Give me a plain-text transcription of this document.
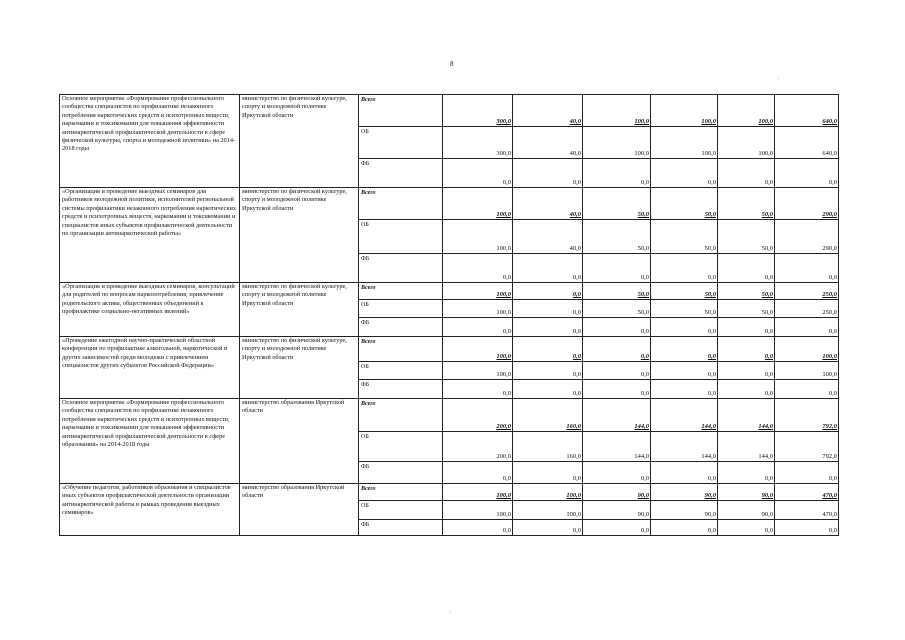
8
Основное мероприятие «Формирование профессионального сообщества специалистов по профилактике незаконного потребления наркотических средств и психотропных веществ, наркомании и токсикомании для повышения эффективности антинаркотической профилактической деятельности в сфере физической культуры, спорта и молодежной политики» на 2014-2018 годы	министерство по физической культуре, спорту и молодежной политике Иркутской области	Всего	300,0	40,0	100,0	100,0	100,0	640,0
		ОБ	300,0	40,0	100,0	100,0	100,0	640,0
		ФБ	0,0	0,0	0,0	0,0	0,0	0,0
«Организация и проведение выездных семинаров для работников молодежной политики, исполнителей региональной системы профилактики незаконного потребления наркотических средств и психотропных веществ, наркомании и токсикомании и специалистов иных субъектов профилактической деятельности по организации антинаркотической работы»	министерство по физической культуре, спорту и молодежной политике Иркутской области	Всего	100,0	40,0	50,0	50,0	50,0	290,0
		ОБ	100,0	40,0	50,0	50,0	50,0	290,0
		ФБ	0,0	0,0	0,0	0,0	0,0	0,0
«Организация и проведение выездных семинаров, консультаций для родителей по вопросам наркопотребления, привлечение родительского актива, общественных объединений к профилактике социально-негативных явлений»	министерство по физической культуре, спорту и молодежной политике Иркутской области	Всего	100,0	0,0	50,0	50,0	50,0	250,0
		ОБ	100,0	0,0	50,0	50,0	50,0	250,0
		ФБ	0,0	0,0	0,0	0,0	0,0	0,0
«Проведение ежегодной научно-практической областной конференции по профилактике алкогольной, наркотической и других зависимостей среди молодежи с привлечением специалистов других субъектов Российской Федерации»	министерство по физической культуре, спорту и молодежной политике Иркутской области	Всего	100,0	0,0	0,0	0,0	0,0	100,0
		ОБ	100,0	0,0	0,0	0,0	0,0	100,0
		ФБ	0,0	0,0	0,0	0,0	0,0	0,0
Основное мероприятие «Формирование профессионального сообщества специалистов по профилактике незаконного потребления наркотических средств и психотропных веществ, наркомании и токсикомании для повышения эффективности антинаркотической профилактической деятельности в сфере образования» на 2014-2018 годы	министерство образования Иркутской области	Всего	200,0	160,0	144,0	144,0	144,0	792,0
		ОБ	200,0	160,0	144,0	144,0	144,0	792,0
		ФБ	0,0	0,0	0,0	0,0	0,0	0,0
«Обучение педагогов, работников образования и специалистов иных субъектов профилактической деятельности организации антинаркотической работы в рамках проведения выездных семинаров»	министерство образования Иркутской области	Всего	100,0	100,0	90,0	90,0	90,0	470,0
		ОБ	100,0	100,0	90,0	90,0	90,0	470,0
		ФБ	0,0	0,0	0,0	0,0	0,0	0,0
